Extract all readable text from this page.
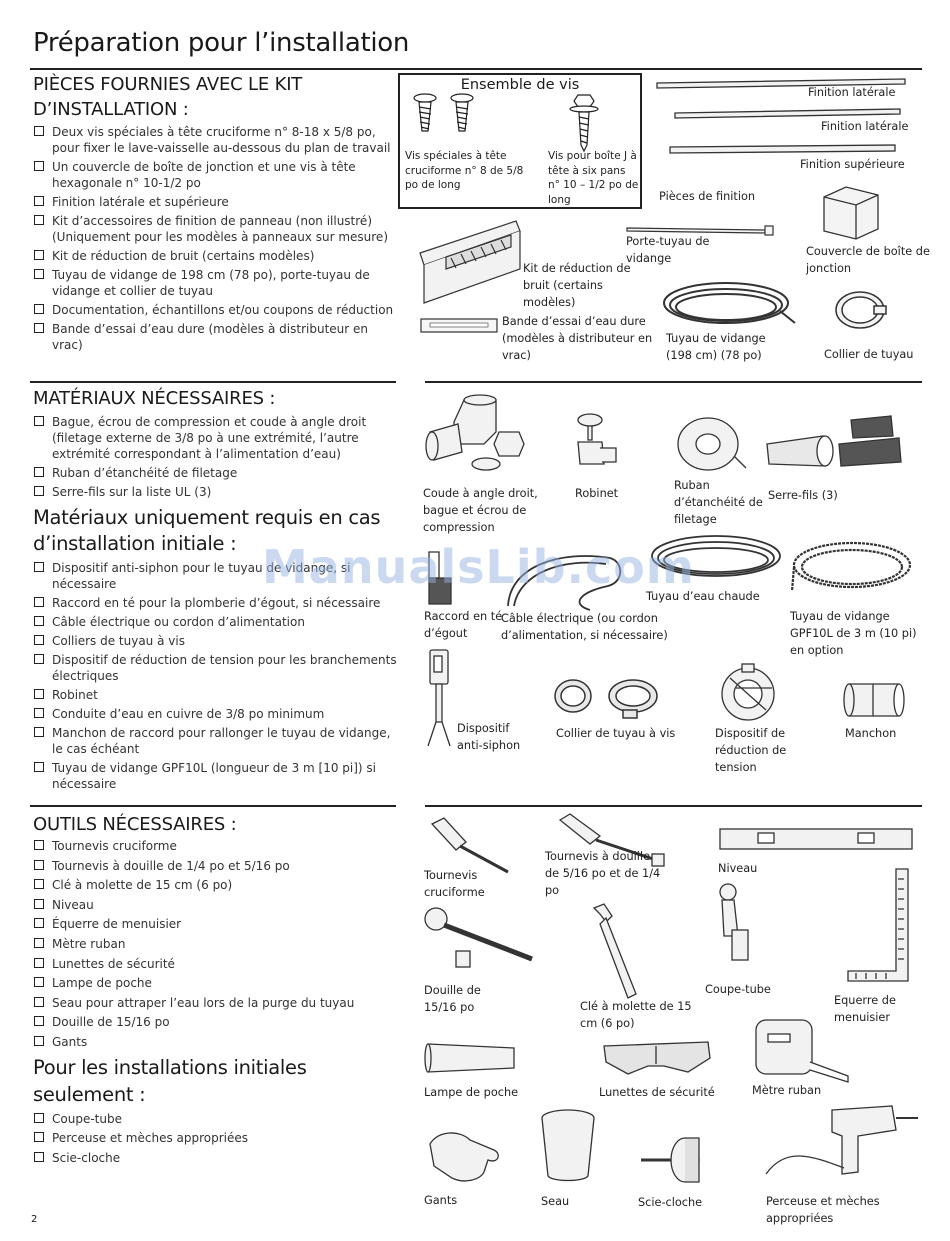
Préparation pour l’installation
PIÈCES FOURNIES AVEC LE KIT
D’INSTALLATION :
Deux vis spéciales à tête cruciforme n° 8-18 x 5/8 po, pour fixer le lave-vaisselle au-dessous du plan de travail
Un couvercle de boîte de jonction et une vis à tête hexagonale n° 10-1/2 po
Finition latérale et supérieure
Kit d’accessoires de finition de panneau (non illustré) (Uniquement pour les modèles à panneaux sur mesure)
Kit de réduction de bruit (certains modèles)
Tuyau de vidange de 198 cm (78 po), porte-tuyau de vidange et collier de tuyau
Documentation, échantillons et/ou coupons de réduction
Bande d’essai d’eau dure (modèles à distributeur en vrac)
Ensemble de vis
Vis spéciales à tête cruciforme n° 8 de 5/8 po de long
Vis pour boîte J à tête à six pans n° 10 – 1/2 po de long
Finition latérale
Finition latérale
Finition supérieure
Pièces de finition
Couvercle de boîte de jonction
Porte-tuyau de vidange
Kit de réduction de bruit (certains modèles)
Bande d’essai d’eau dure (modèles à distributeur en vrac)
Tuyau de vidange (198 cm) (78 po)	Collier de tuyau
MATÉRIAUX NÉCESSAIRES :
Bague, écrou de compression et coude à angle droit (filetage externe de 3/8 po à une extrémité, l’autre extrémité correspondant à l’alimentation d’eau)
Ruban d’étanchéité de filetage
Serre-fils sur la liste UL (3)
Matériaux uniquement requis en cas d’installation initiale :
Dispositif anti-siphon pour le tuyau de vidange, si nécessaire
Raccord en té pour la plomberie d’égout, si nécessaire
Câble électrique ou cordon d’alimentation
Colliers de tuyau à vis
Dispositif de réduction de tension pour les branchements électriques
Robinet
Conduite d’eau en cuivre de 3/8 po minimum
Manchon de raccord pour rallonger le tuyau de vidange, le cas échéant
Tuyau de vidange GPF10L (longueur de 3 m [10 pi]) si nécessaire
Coude à angle droit, bague et écrou de compression
Robinet
Ruban d’étanchéité de filetage
Serre-fils (3)
Raccord en té d’égout
Câble électrique (ou cordon d’alimentation, si nécessaire)
Tuyau d’eau chaude
Tuyau de vidange GPF10L de 3 m (10 pi) en option
Dispositif anti-siphon
Collier de tuyau à vis	Dispositif de réduction de tension
Manchon
OUTILS NÉCESSAIRES :
Tournevis cruciforme
Tournevis à douille de 1/4 po et 5/16 po
Clé à molette de 15 cm (6 po)
Niveau
Équerre de menuisier
Mètre ruban
Lunettes de sécurité
Lampe de poche
Seau pour attraper l’eau lors de la purge du tuyau
Douille de 15/16 po
Gants
Pour les installations initiales seulement :
Coupe-tube
Perceuse et mèches appropriées
Scie-cloche
Tournevis cruciforme
Tournevis à douille de 5/16 po et de 1/4 po
Niveau
Douille de 15/16 po	Clé à molette de 15 cm (6 po)
Coupe-tube
Equerre de menuisier
Lampe de poche	Lunettes de sécurité	Mètre ruban
Gants	Seau	Scie-cloche	Perceuse et mèches appropriées
ManualsLib.com
2
